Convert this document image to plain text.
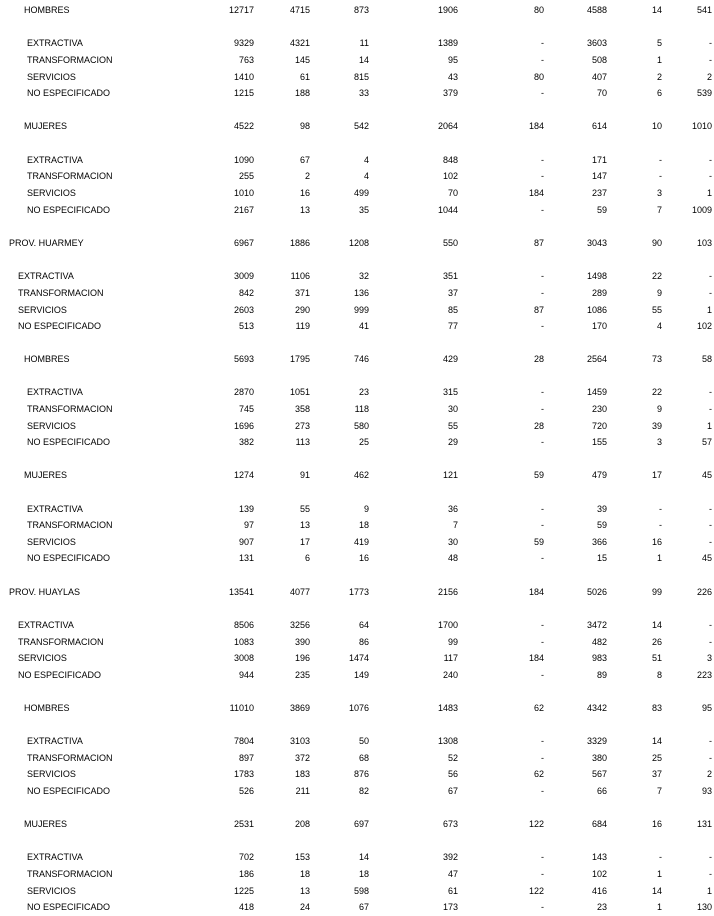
HOMBRES	12717	4715	873	1906	80	4588	14	541
EXTRACTIVA	9329	4321	11	1389	-	3603	5	-
TRANSFORMACION	763	145	14	95	-	508	1	-
SERVICIOS	1410	61	815	43	80	407	2	2
NO ESPECIFICADO	1215	188	33	379	-	70	6	539
MUJERES	4522	98	542	2064	184	614	10	1010
EXTRACTIVA	1090	67	4	848	-	171	-	-
TRANSFORMACION	255	2	4	102	-	147	-	-
SERVICIOS	1010	16	499	70	184	237	3	1
NO ESPECIFICADO	2167	13	35	1044	-	59	7	1009
PROV. HUARMEY	6967	1886	1208	550	87	3043	90	103
EXTRACTIVA	3009	1106	32	351	-	1498	22	-
TRANSFORMACION	842	371	136	37	-	289	9	-
SERVICIOS	2603	290	999	85	87	1086	55	1
NO ESPECIFICADO	513	119	41	77	-	170	4	102
HOMBRES	5693	1795	746	429	28	2564	73	58
EXTRACTIVA	2870	1051	23	315	-	1459	22	-
TRANSFORMACION	745	358	118	30	-	230	9	-
SERVICIOS	1696	273	580	55	28	720	39	1
NO ESPECIFICADO	382	113	25	29	-	155	3	57
MUJERES	1274	91	462	121	59	479	17	45
EXTRACTIVA	139	55	9	36	-	39	-	-
TRANSFORMACION	97	13	18	7	-	59	-	-
SERVICIOS	907	17	419	30	59	366	16	-
NO ESPECIFICADO	131	6	16	48	-	15	1	45
PROV. HUAYLAS	13541	4077	1773	2156	184	5026	99	226
EXTRACTIVA	8506	3256	64	1700	-	3472	14	-
TRANSFORMACION	1083	390	86	99	-	482	26	-
SERVICIOS	3008	196	1474	117	184	983	51	3
NO ESPECIFICADO	944	235	149	240	-	89	8	223
HOMBRES	11010	3869	1076	1483	62	4342	83	95
EXTRACTIVA	7804	3103	50	1308	-	3329	14	-
TRANSFORMACION	897	372	68	52	-	380	25	-
SERVICIOS	1783	183	876	56	62	567	37	2
NO ESPECIFICADO	526	211	82	67	-	66	7	93
MUJERES	2531	208	697	673	122	684	16	131
EXTRACTIVA	702	153	14	392	-	143	-	-
TRANSFORMACION	186	18	18	47	-	102	1	-
SERVICIOS	1225	13	598	61	122	416	14	1
NO ESPECIFICADO	418	24	67	173	-	23	1	130
